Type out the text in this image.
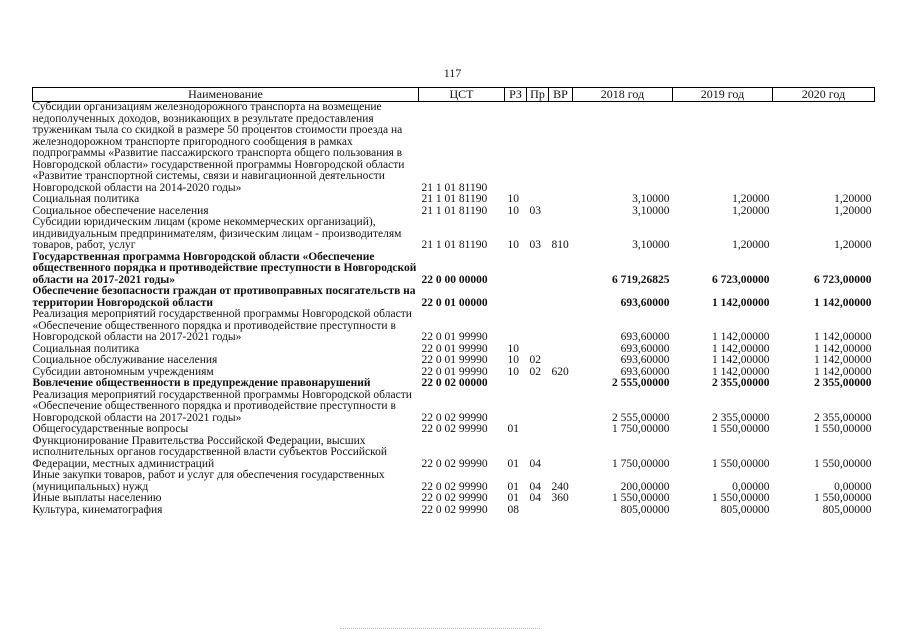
117
Наименование	ЦСТ	РЗ	Пр	ВР	2018 год	2019 год	2020 год
Субсидии организациям железнодорожного транспорта на возмещение недополученных доходов, возникающих в результате предоставления труженикам тыла со скидкой в размере 50 процентов стоимости проезда на железнодорожном транспорте пригородного сообщения в рамках подпрограммы «Развитие пассажирского транспорта общего пользования в Новгородской области» государственной программы Новгородской области «Развитие транспортной системы, связи и навигационной деятельности Новгородской области на 2014-2020 годы»	21 1 01 81190						
Социальная политика	21 1 01 81190	10			3,10000	1,20000	1,20000
Социальное обеспечение населения	21 1 01 81190	10	03		3,10000	1,20000	1,20000
Субсидии юридическим лицам (кроме некоммерческих организаций), индивидуальным предпринимателям, физическим лицам - производителям товаров, работ, услуг	21 1 01 81190	10	03	810	3,10000	1,20000	1,20000
Государственная программа Новгородской области «Обеспечение общественного порядка и противодействие преступности в Новгородской области на 2017-2021 годы»	22 0 00 00000				6 719,26825	6 723,00000	6 723,00000
Обеспечение безопасности граждан от противоправных посягательств на территории Новгородской области	22 0 01 00000				693,60000	1 142,00000	1 142,00000
Реализация мероприятий государственной программы Новгородской области «Обеспечение общественного порядка и противодействие преступности в Новгородской области на 2017-2021 годы»	22 0 01 99990				693,60000	1 142,00000	1 142,00000
Социальная политика	22 0 01 99990	10			693,60000	1 142,00000	1 142,00000
Социальное обслуживание населения	22 0 01 99990	10	02		693,60000	1 142,00000	1 142,00000
Субсидии автономным учреждениям	22 0 01 99990	10	02	620	693,60000	1 142,00000	1 142,00000
Вовлечение общественности в предупреждение правонарушений	22 0 02 00000				2 555,00000	2 355,00000	2 355,00000
Реализация мероприятий государственной программы Новгородской области «Обеспечение общественного порядка и противодействие преступности в Новгородской области на 2017-2021 годы»	22 0 02 99990				2 555,00000	2 355,00000	2 355,00000
Общегосударственные вопросы	22 0 02 99990	01			1 750,00000	1 550,00000	1 550,00000
Функционирование Правительства Российской Федерации, высших исполнительных органов государственной власти субъектов Российской Федерации, местных администраций	22 0 02 99990	01	04		1 750,00000	1 550,00000	1 550,00000
Иные закупки товаров, работ и услуг для обеспечения государственных (муниципальных) нужд	22 0 02 99990	01	04	240	200,00000	0,00000	0,00000
Иные выплаты населению	22 0 02 99990	01	04	360	1 550,00000	1 550,00000	1 550,00000
Культура, кинематография	22 0 02 99990	08			805,00000	805,00000	805,00000
